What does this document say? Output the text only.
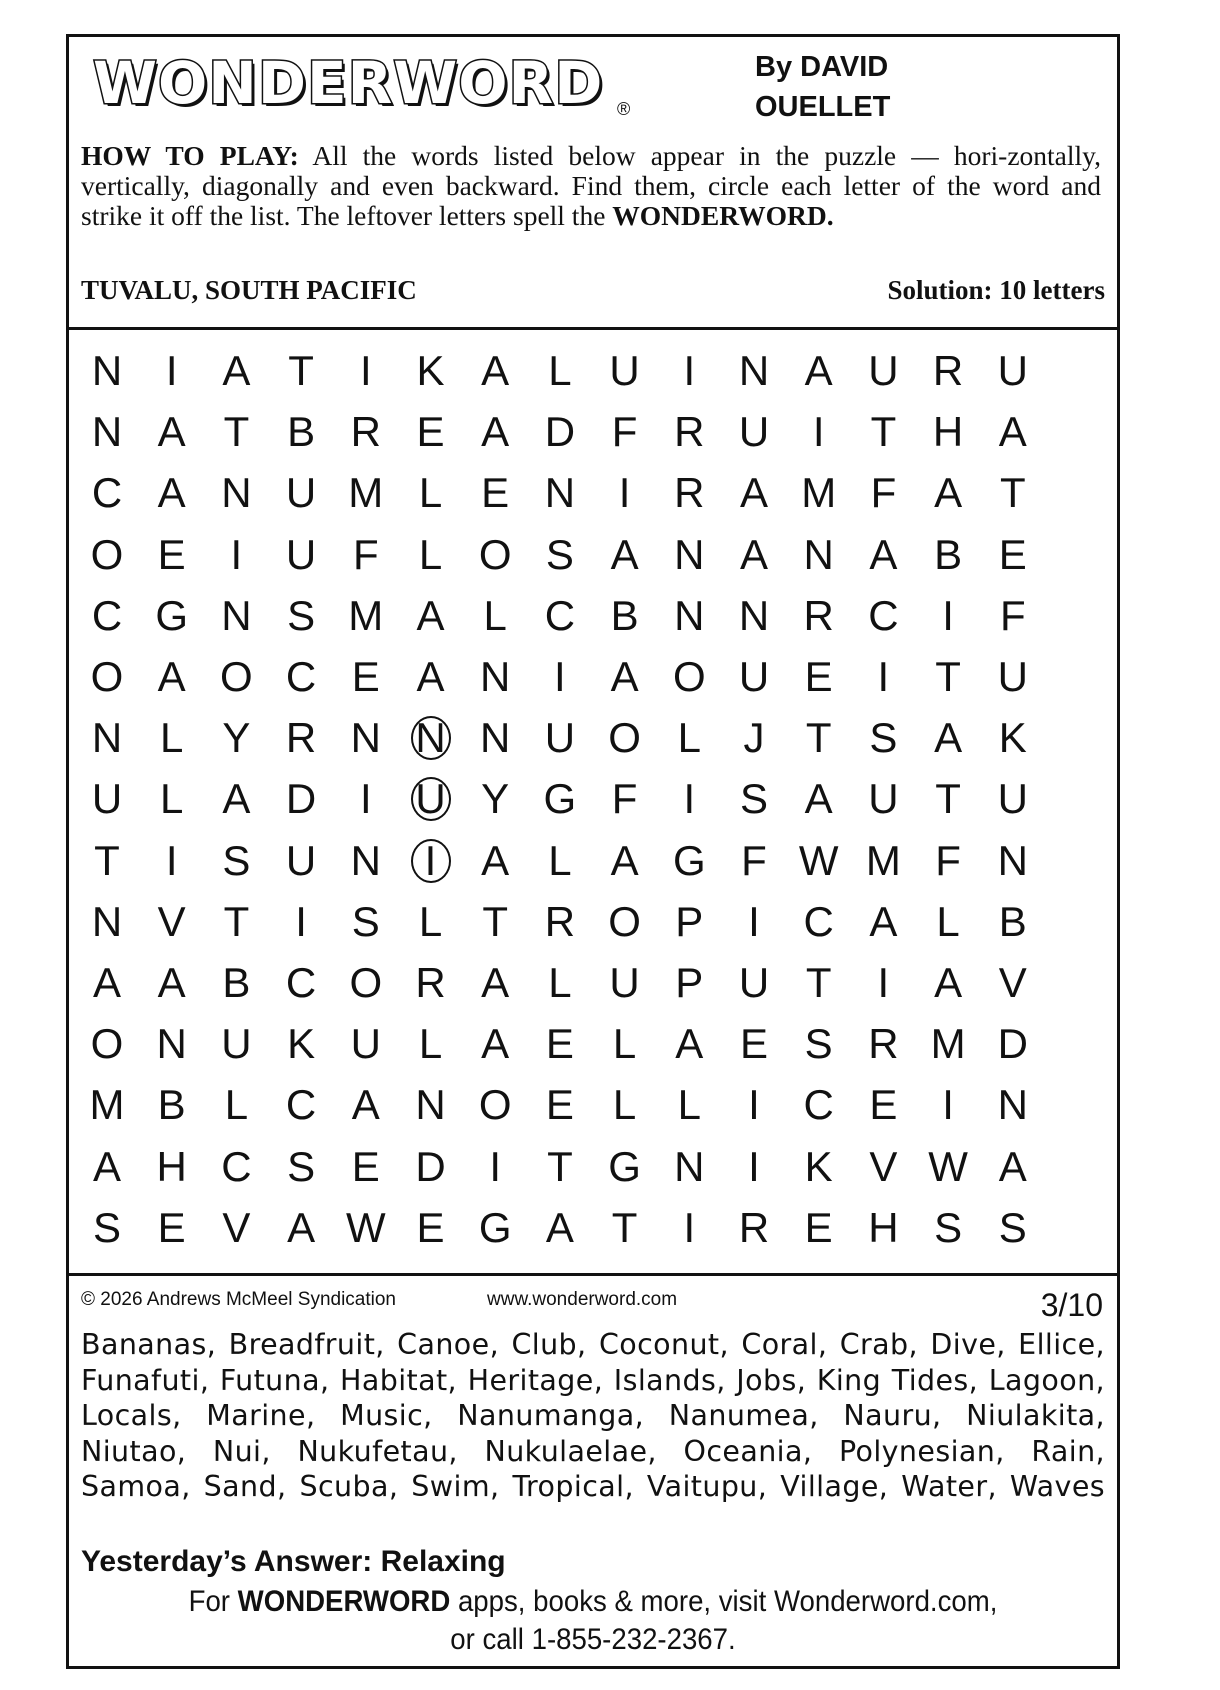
WONDERWORD ®
By DAVID
OUELLET
HOW TO PLAY: All the words listed below appear in the puzzle — hori-zontally, vertically, diagonally and even backward. Find them, circle each letter of the word and strike it off the list. The leftover letters spell the WONDERWORD.
TUVALU, SOUTH PACIFIC	Solution: 10 letters
N	I	A T	I	K A L U	I	N A U R U
N A T B R E A D F R U	I	T H A
C A N U M L E N	I	R A M F A T
O E	I	U F L O S A N A N A B E
C G N S M A L C B N N R C	I	F
O A O C E A N	I	A O U E	I	T U
N L Y R N N N U O L	J T S A K
U L A D	I	U Y G F	I	S A U T U
T	I	S U N	I	A L A G F W M F N
N V T	I	S L T R O P	I	C A L B
A A B C O R A L U P U T	I	A V
O N U K U L A E L A E S R M D
M B L C A N O E L L	I	C E	I	N
A H C S E D	I	T G N	I	K V W A
S E V A W E G A T	I	R E H S S
© 2026 Andrews McMeel Syndication	www.wonderword.com	3/10
Bananas, Breadfruit, Canoe, Club, Coconut, Coral, Crab, Dive, Ellice, Funafuti, Futuna, Habitat, Heritage, Islands, Jobs, King Tides, Lagoon, Locals, Marine, Music, Nanumanga, Nanumea, Nauru, Niulakita, Niutao, Nui, Nukufetau, Nukulaelae, Oceania, Polynesian, Rain, Samoa, Sand, Scuba, Swim, Tropical, Vaitupu, Village, Water, Waves
Yesterday’s Answer: Relaxing
For WONDERWORD apps, books & more, visit Wonderword.com,
or call 1-855-232-2367.
